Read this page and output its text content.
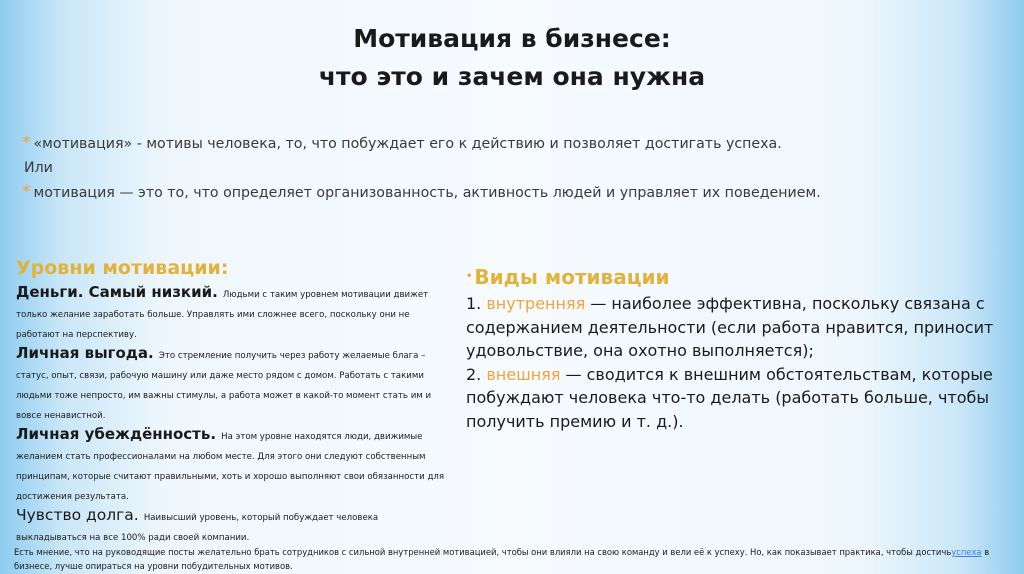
Мотивация в бизнесе:
что это и зачем она нужна
* «мотивация» - мотивы человека, то, что побуждает его к действию и позволяет достигать успеха.
Или
* мотивация — это то, что определяет организованность, активность людей и управляет их поведением.
Уровни мотивации:

Деньги. Самый низкий. Людьми с таким уровнем мотивации движет только желание заработать больше. Управлять ими сложнее всего, поскольку они не работают на перспективу.

Личная выгода. Это стремление получить через работу желаемые блага – статус, опыт, связи, рабочую машину или даже место рядом с домом. Работать с такими людьми тоже непросто, им важны стимулы, а работа может в какой-то момент стать им и вовсе ненавистной.

Личная убеждённость. На этом уровне находятся люди, движимые желанием стать профессионалами на любом месте. Для этого они следуют собственным принципам, которые считают правильными, хоть и хорошо выполняют свои обязанности для достижения результата.

Чувство долга. Наивысший уровень, который побуждает человека выкладываться на все 100% ради своей компании.

• Виды мотивации
1. внутренняя — наиболее эффективна, поскольку связана с содержанием деятельности (если работа нравится, приносит удовольствие, она охотно выполняется);
2. внешняя — сводится к внешним обстоятельствам, которые побуждают человека что-то делать (работать больше, чтобы получить премию и т. д.).
Есть мнение, что на руководящие посты желательно брать сотрудников с сильной внутренней мотивацией, чтобы они влияли на свою команду и вели её к успеху. Но, как показывает практика, чтобы достичьуспеха в бизнесе, лучше опираться на уровни побудительных мотивов.
